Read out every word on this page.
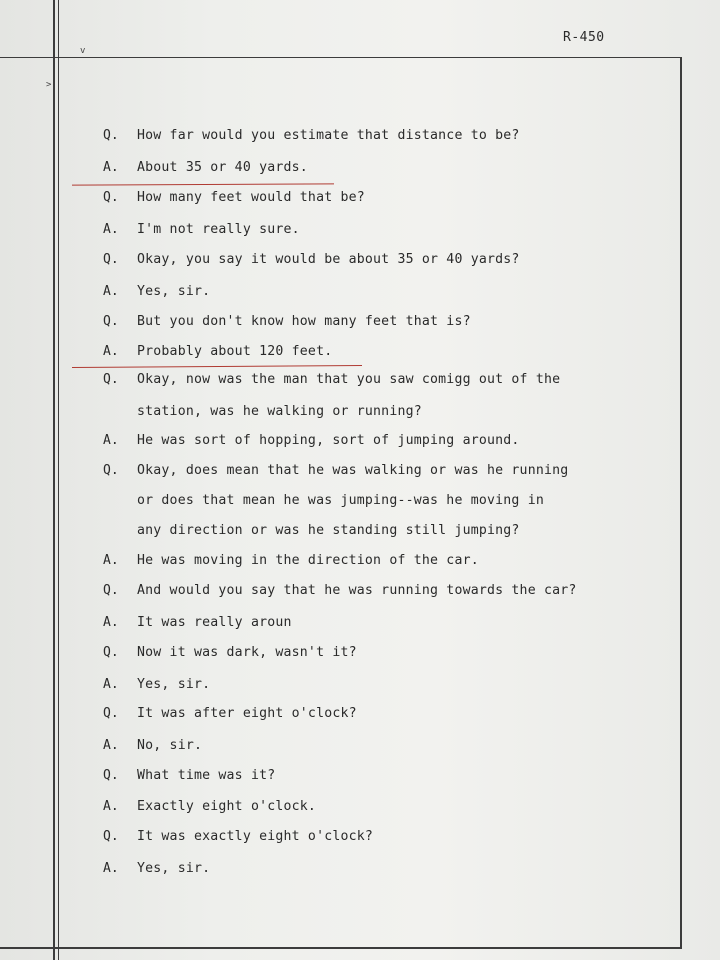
v
>
R-450
Q. How far would you estimate that distance to be?
A. About 35 or 40 yards.
Q. How many feet would that be?
A. I'm not really sure.
Q. Okay, you say it would be about 35 or 40 yards?
A. Yes, sir.
Q. But you don't know how many feet that is?
A. Probably about 120 feet.
Q. Okay, now was the man that you saw comigg out of the
station, was he walking or running?
A. He was sort of hopping, sort of jumping around.
Q. Okay, does mean that he was walking or was he running
or does that mean he was jumping--was he moving in
any direction or was he standing still jumping?
A. He was moving in the direction of the car.
Q. And would you say that he was running towards the car?
A. It was really aroun
Q. Now it was dark, wasn't it?
A. Yes, sir.
Q. It was after eight o'clock?
A. No, sir.
Q. What time was it?
A. Exactly eight o'clock.
Q. It was exactly eight o'clock?
A. Yes, sir.
